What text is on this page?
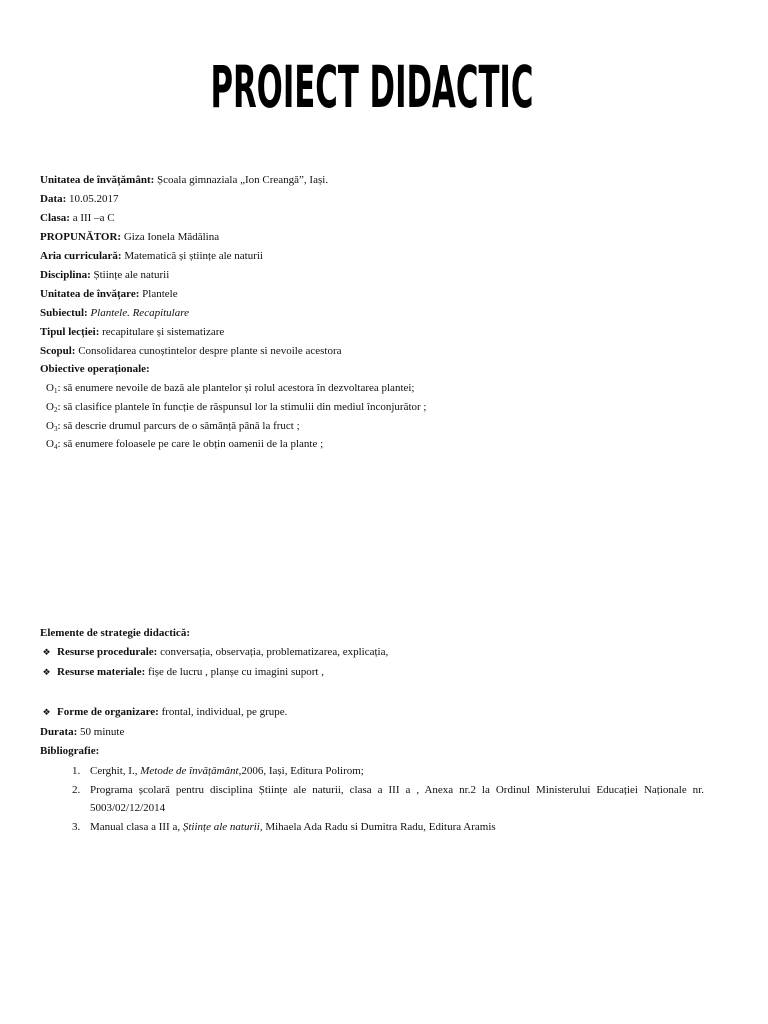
PROIECT DIDACTIC
Unitatea de învățământ: Școala gimnaziala „Ion Creangă”, Iași.
Data: 10.05.2017
Clasa: a III –a C
PROPUNĂTOR: Giza Ionela Mădălina
Aria curriculară: Matematică și științe ale naturii
Disciplina: Științe ale naturii
Unitatea de învățare: Plantele
Subiectul: Plantele. Recapitulare
Tipul lecției: recapitulare și sistematizare
Scopul: Consolidarea cunoștintelor despre plante si nevoile acestora
Obiective operaționale:
$O_1$: să enumere nevoile de bază ale plantelor și rolul acestora în dezvoltarea plantei;
$O_2$: să clasifice plantele în funcție de răspunsul lor la stimulii din mediul înconjurător ;
$O_3$: să descrie drumul parcurs de o sămânță până la fruct ;
$O_4$: să enumere foloasele pe care le obțin oamenii de la plante ;
Elemente de strategie didactică:
❖ Resurse procedurale: conversația, observația, problematizarea, explicația,
❖ Resurse materiale: fișe de lucru , planșe cu imagini suport ,
❖ Forme de organizare: frontal, individual, pe grupe.
Durata: 50 minute
Bibliografie:
1. Cerghit, I., Metode de învățământ,2006, Iași, Editura Polirom;
2. Programa școlară pentru disciplina Științe ale naturii, clasa a III a , Anexa nr.2 la Ordinul Ministerului Educației Naționale nr. 5003/02/12/2014
3. Manual clasa a III a, Științe ale naturii, Mihaela Ada Radu si Dumitra Radu, Editura Aramis
